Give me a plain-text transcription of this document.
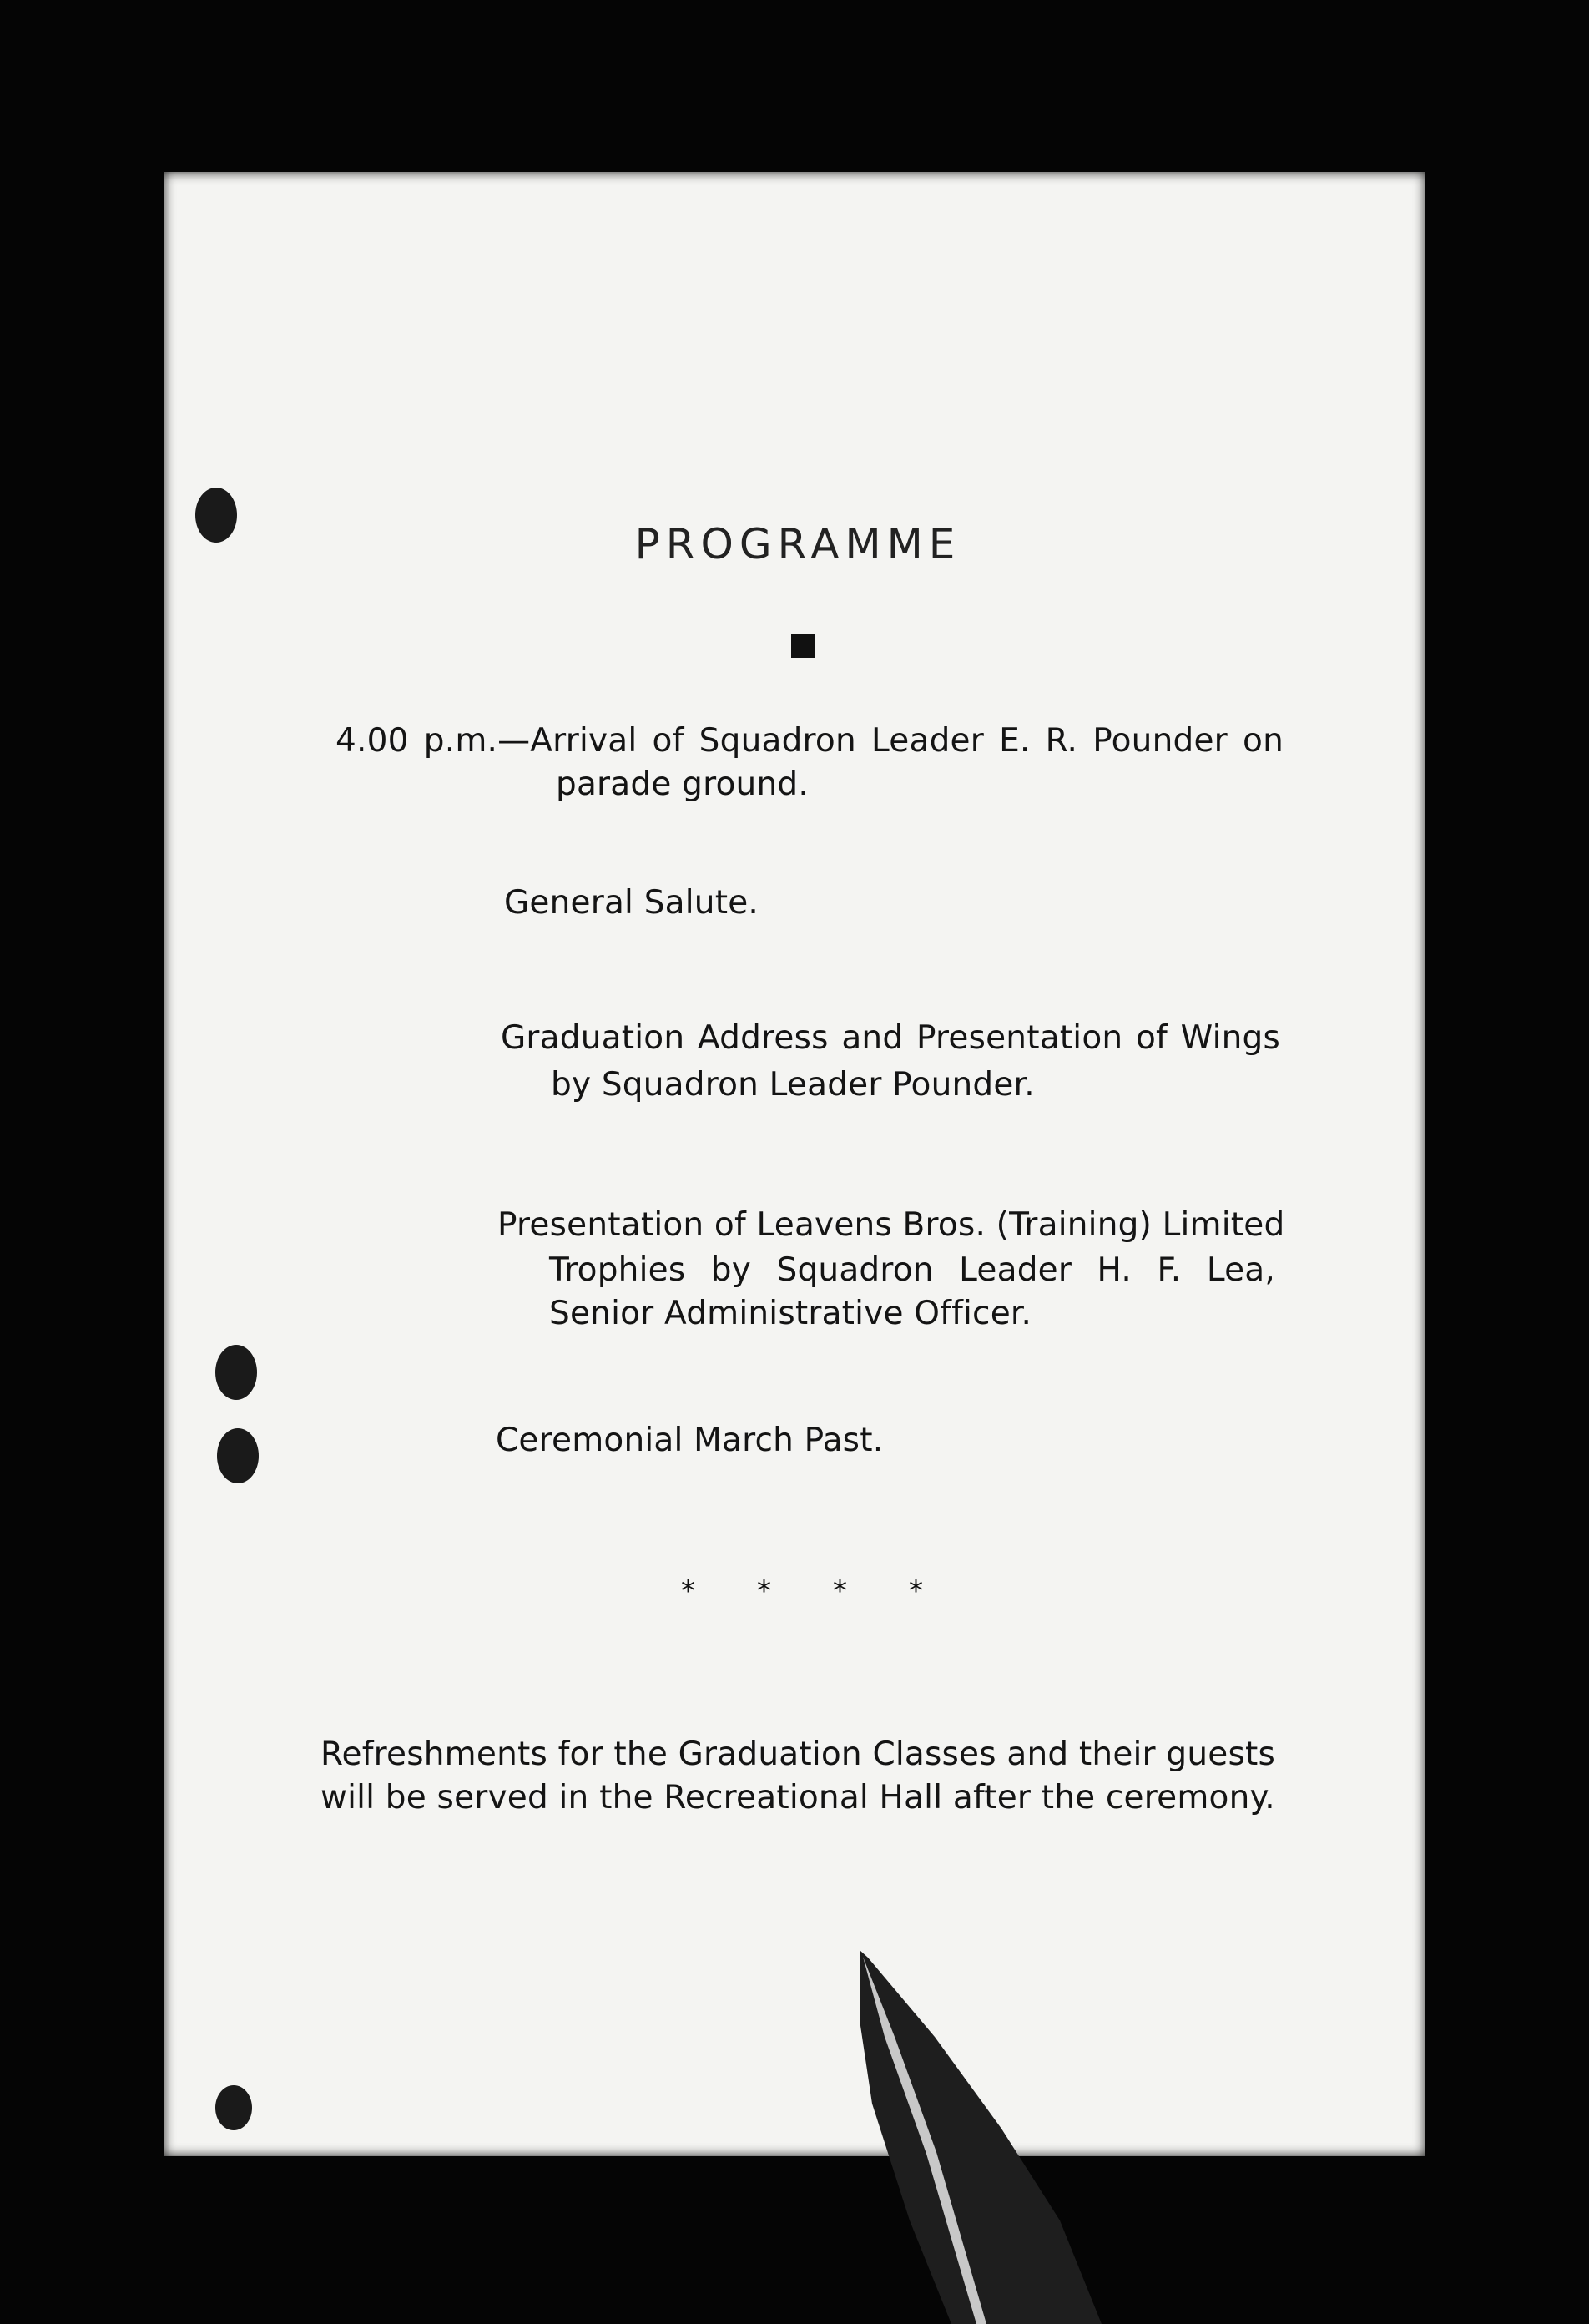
PROGRAMME
4.00 p.m.—Arrival of Squadron Leader E. R. Pounder on
parade ground.
General Salute.
Graduation Address and Presentation of Wings
by Squadron Leader Pounder.
Presentation of Leavens Bros. (Training) Limited
Trophies by Squadron Leader H. F. Lea,
Senior Administrative Officer.
Ceremonial March Past.
* * * *
Refreshments for the Graduation Classes and their guests
will be served in the Recreational Hall after the ceremony.
